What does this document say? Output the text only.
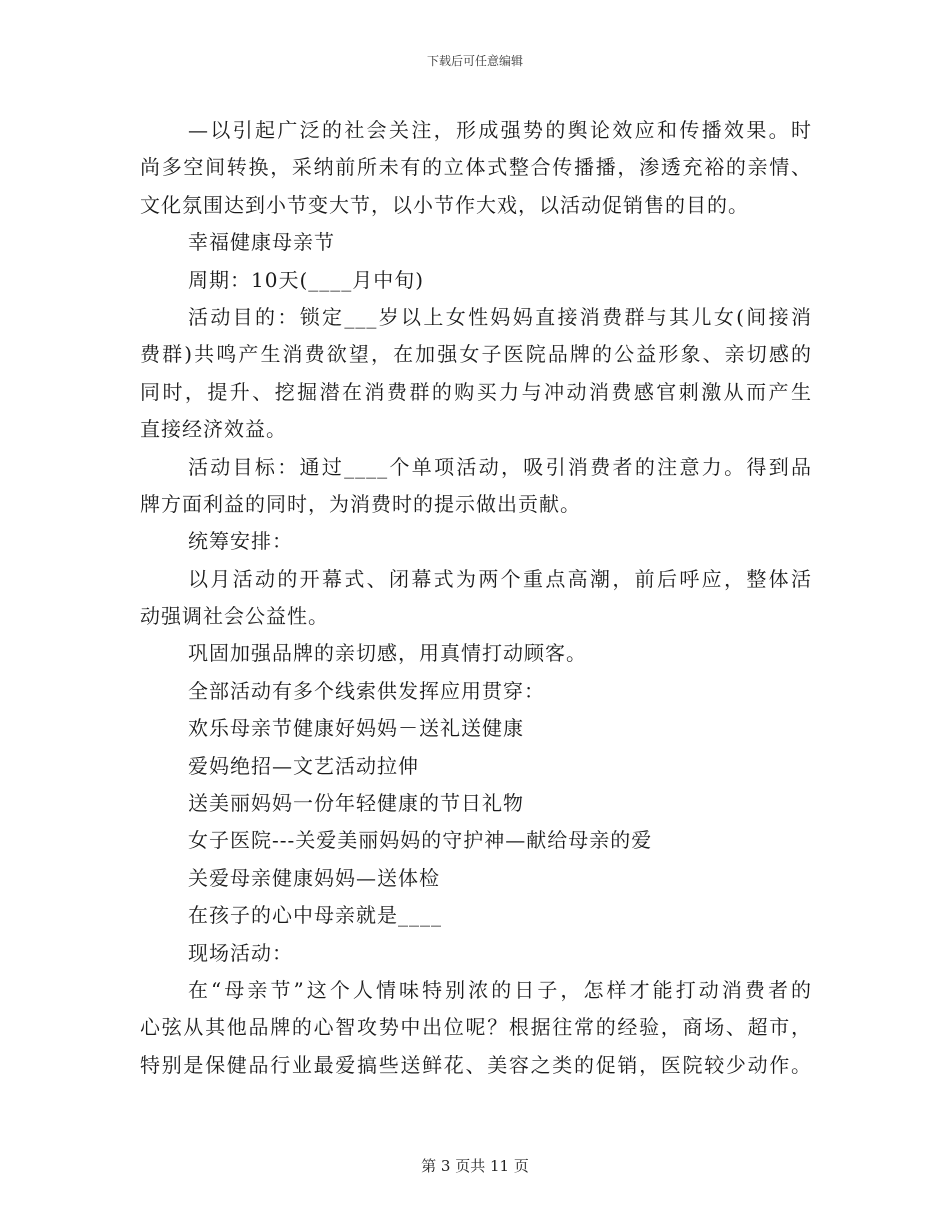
下载后可任意编辑
—以引起广泛的社会关注，形成强势的舆论效应和传播效果。时
尚多空间转换，采纳前所未有的立体式整合传播播，渗透充裕的亲情、
文化氛围达到小节变大节，以小节作大戏，以活动促销售的目的。
幸福健康母亲节
周期：10天(____月中旬)
活动目的：锁定___岁以上女性妈妈直接消费群与其儿女(间接消
费群)共鸣产生消费欲望，在加强女子医院品牌的公益形象、亲切感的
同时，提升、挖掘潜在消费群的购买力与冲动消费感官刺激从而产生
直接经济效益。
活动目标：通过____个单项活动，吸引消费者的注意力。得到品
牌方面利益的同时，为消费时的提示做出贡献。
统筹安排：
以月活动的开幕式、闭幕式为两个重点高潮，前后呼应，整体活
动强调社会公益性。
巩固加强品牌的亲切感，用真情打动顾客。
全部活动有多个线索供发挥应用贯穿：
欢乐母亲节健康好妈妈－送礼送健康
爱妈绝招—文艺活动拉伸
送美丽妈妈一份年轻健康的节日礼物
女子医院---关爱美丽妈妈的守护神—献给母亲的爱
关爱母亲健康妈妈—送体检
在孩子的心中母亲就是____
现场活动：
在“母亲节”这个人情味特别浓的日子，怎样才能打动消费者的
心弦从其他品牌的心智攻势中出位呢？根据往常的经验，商场、超市，
特别是保健品行业最爱搞些送鲜花、美容之类的促销，医院较少动作。
第 3 页共 11 页
